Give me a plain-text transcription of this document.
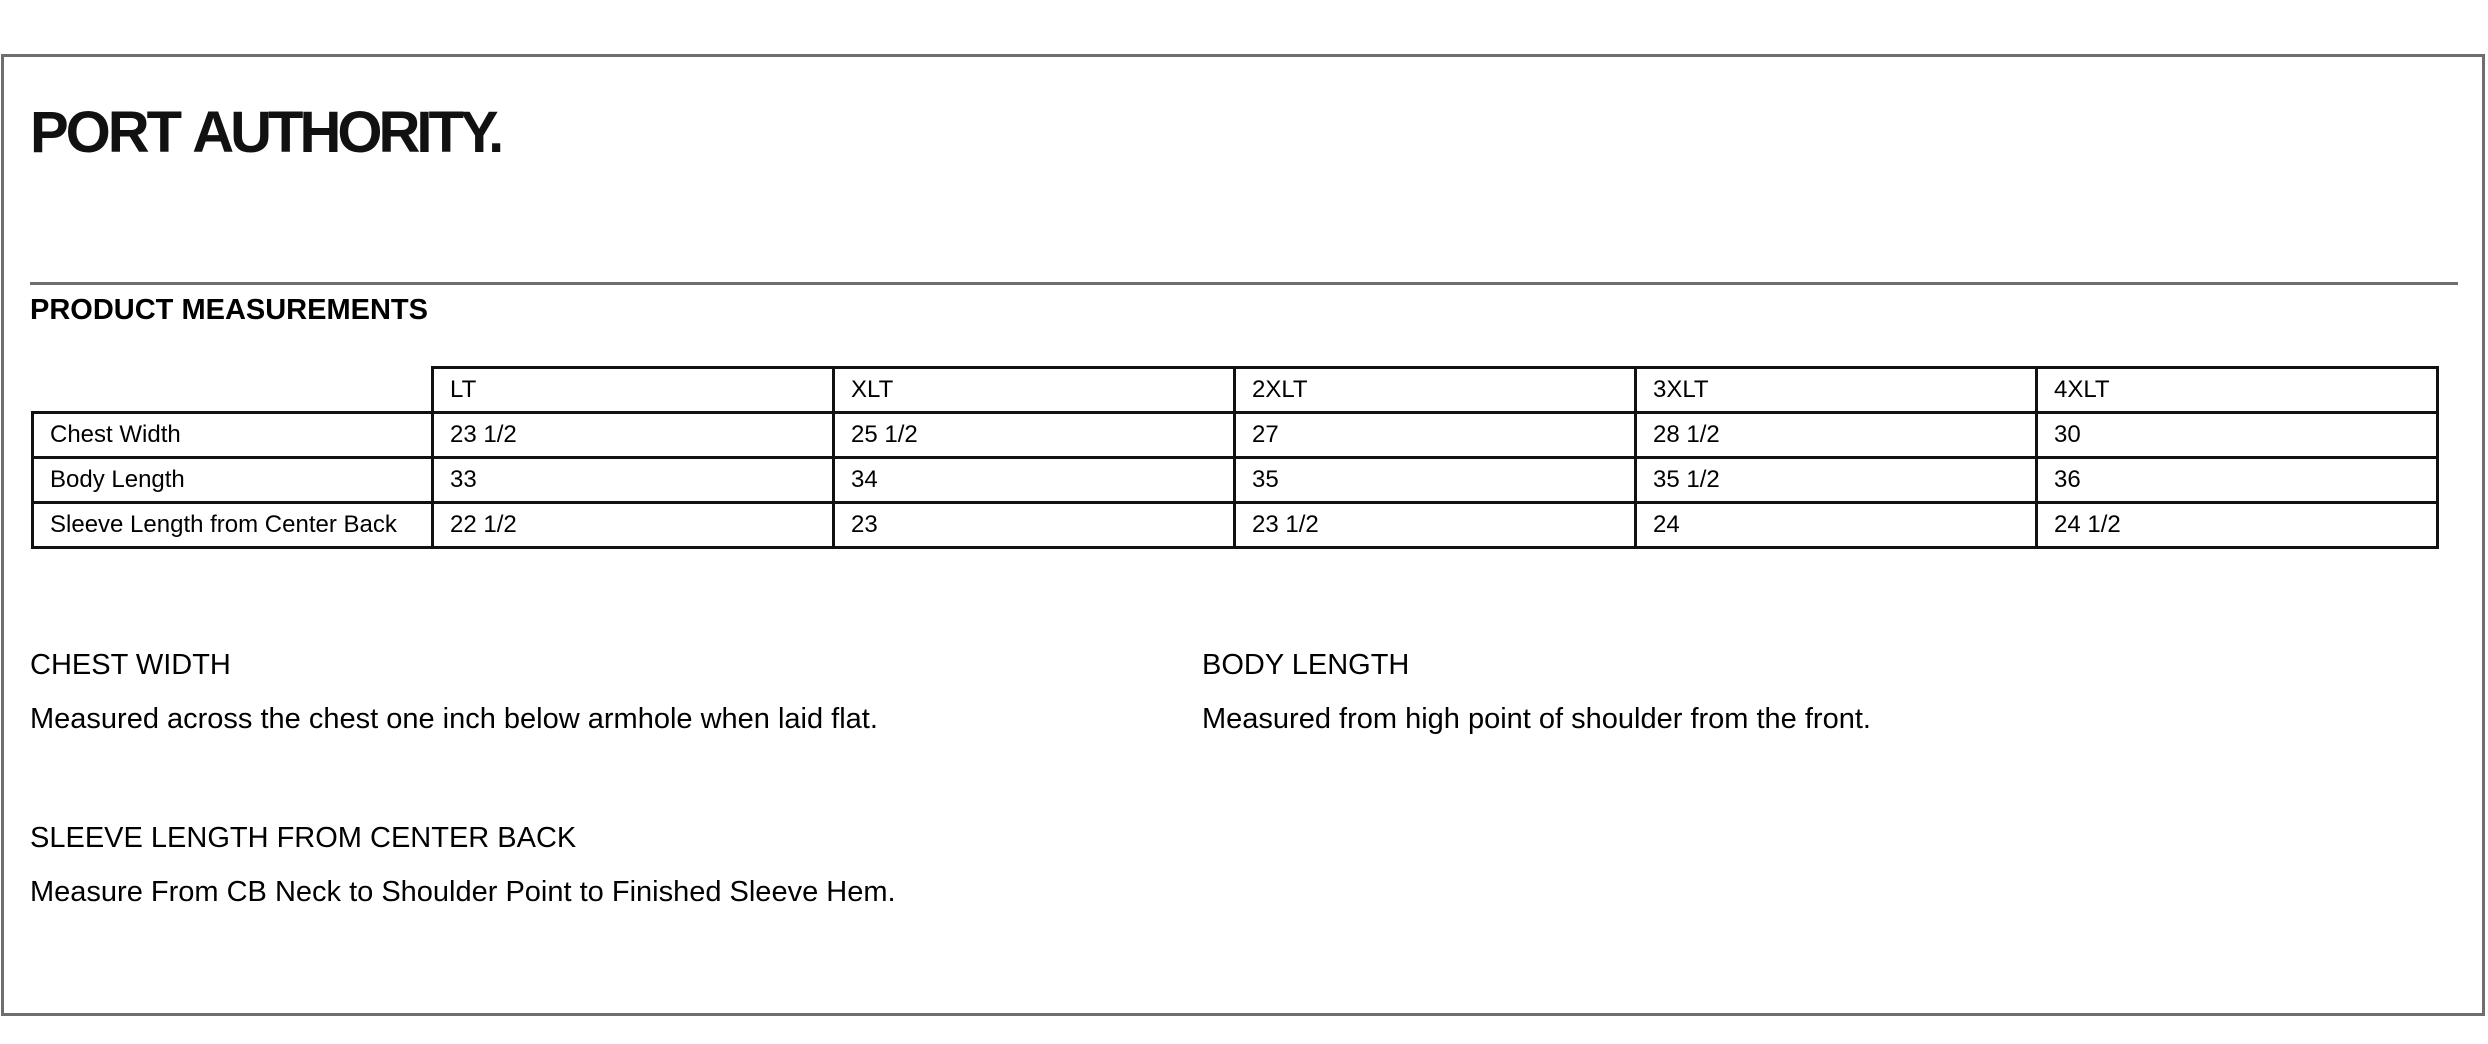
PORT AUTHORITY.
PRODUCT MEASUREMENTS
	LT	XLT	2XLT	3XLT	4XLT
Chest Width	23 1/2	25 1/2	27	28 1/2	30
Body Length	33	34	35	35 1/2	36
Sleeve Length from Center Back	22 1/2	23	23 1/2	24	24 1/2
CHEST WIDTH
Measured across the chest one inch below armhole when laid flat.
BODY LENGTH
Measured from high point of shoulder from the front.
SLEEVE LENGTH FROM CENTER BACK
Measure From CB Neck to Shoulder Point to Finished Sleeve Hem.
